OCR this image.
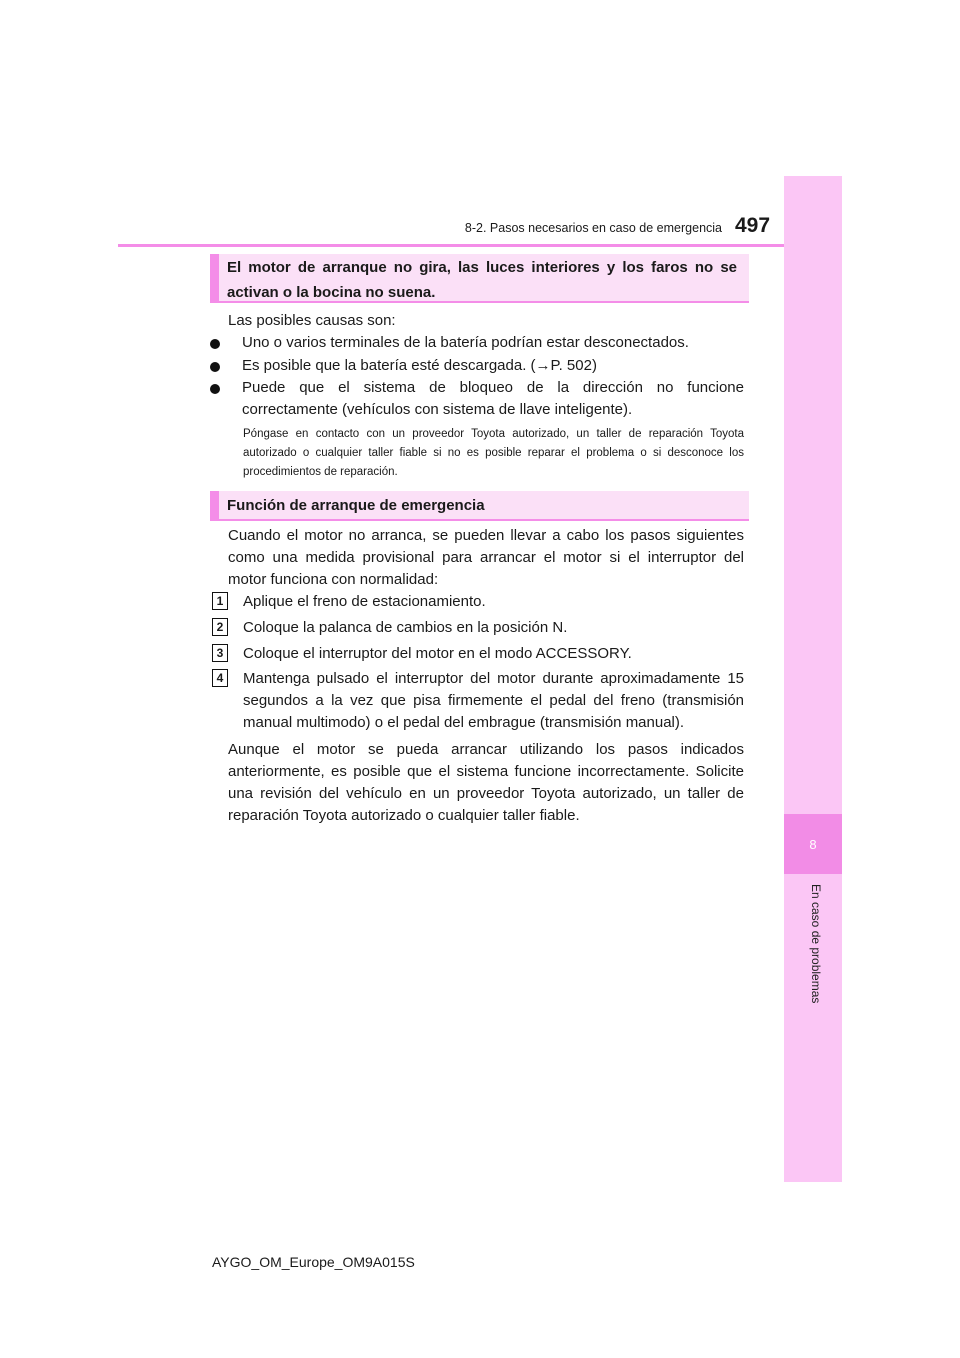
8
En caso de problemas
8-2. Pasos necesarios en caso de emergencia 497
El motor de arranque no gira, las luces interiores y los faros no se activan o la bocina no suena.
Las posibles causas son:
Uno o varios terminales de la batería podrían estar desconectados.
Es posible que la batería esté descargada. (→P. 502)
Puede que el sistema de bloqueo de la dirección no funcione correctamente (vehículos con sistema de llave inteligente).
Póngase en contacto con un proveedor Toyota autorizado, un taller de reparación Toyota autorizado o cualquier taller fiable si no es posible reparar el problema o si desconoce los procedimientos de reparación.
Función de arranque de emergencia
Cuando el motor no arranca, se pueden llevar a cabo los pasos siguientes como una medida provisional para arrancar el motor si el interruptor del motor funciona con normalidad:
1	Aplique el freno de estacionamiento.
2	Coloque la palanca de cambios en la posición N.
3	Coloque el interruptor del motor en el modo ACCESSORY.
4	Mantenga pulsado el interruptor del motor durante aproximadamente 15 segundos a la vez que pisa firmemente el pedal del freno (transmisión manual multimodo) o el pedal del embrague (transmisión manual).
Aunque el motor se pueda arrancar utilizando los pasos indicados anteriormente, es posible que el sistema funcione incorrectamente. Solicite una revisión del vehículo en un proveedor Toyota autorizado, un taller de reparación Toyota autorizado o cualquier taller fiable.
AYGO_OM_Europe_OM9A015S
